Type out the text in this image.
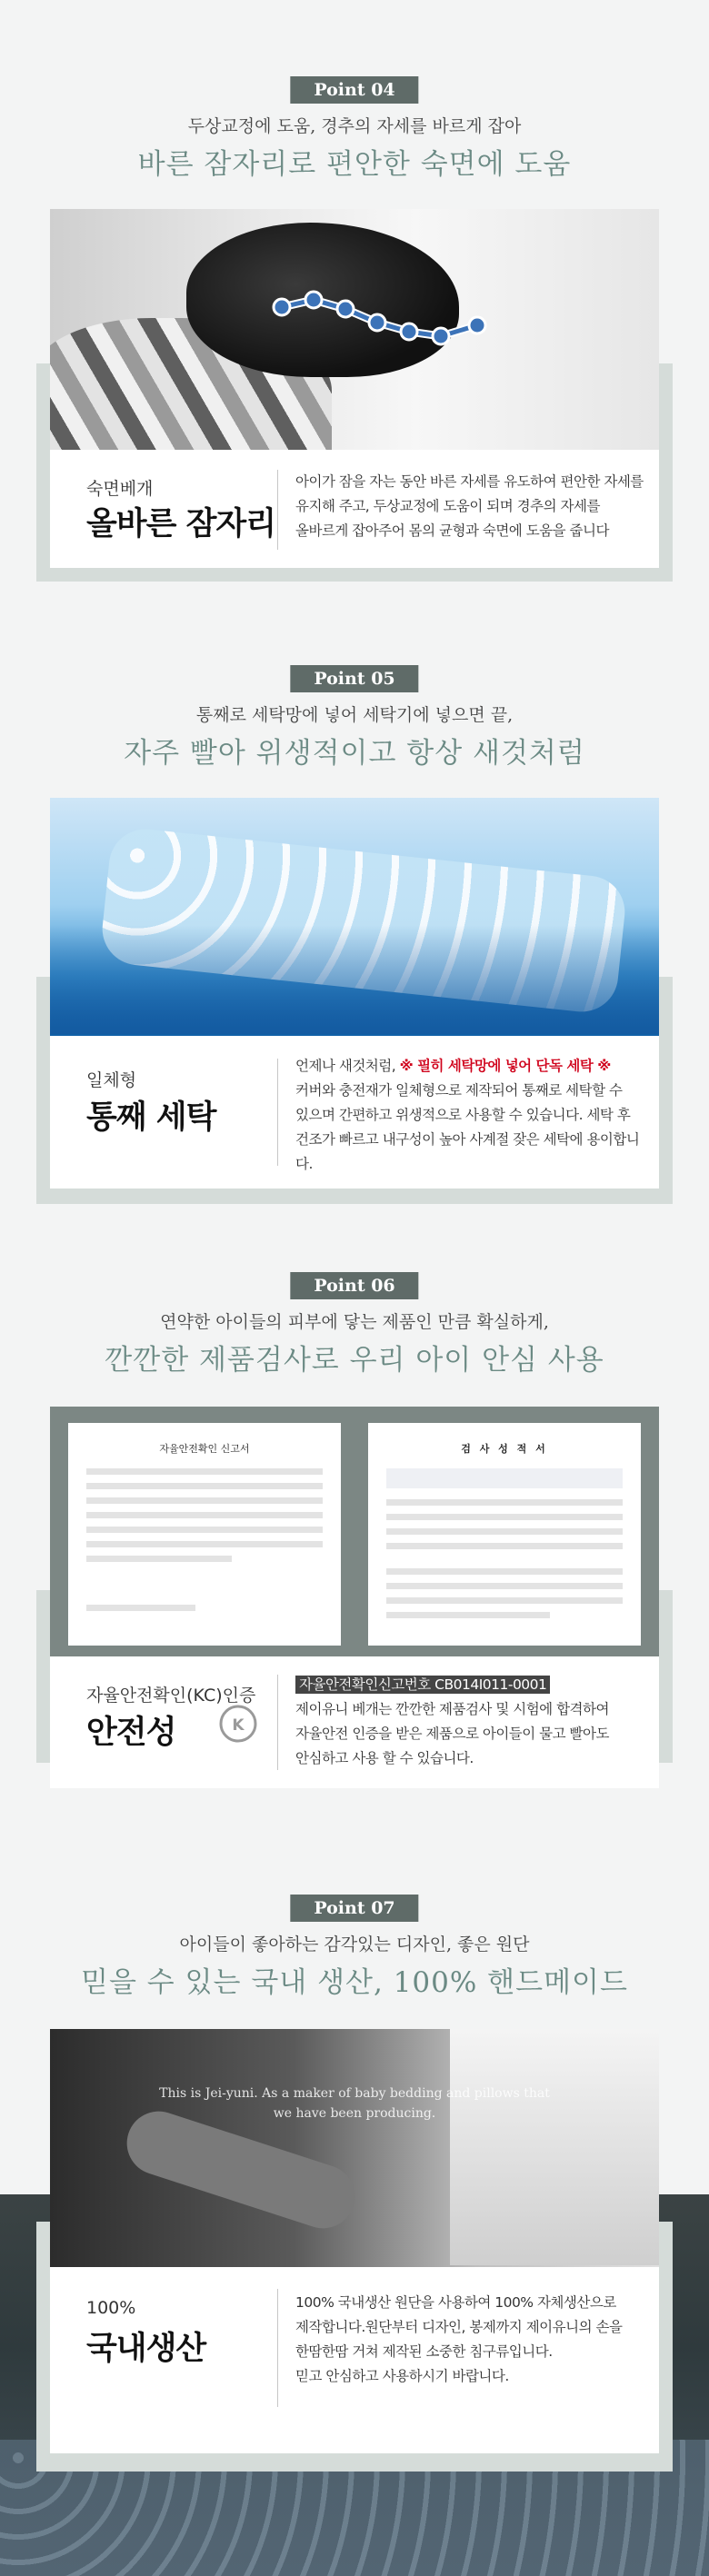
Point 04
두상교정에 도움, 경추의 자세를 바르게 잡아
바른 잠자리로 편안한 숙면에 도움
숙면베개
올바른 잠자리
아이가 잠을 자는 동안 바른 자세를 유도하여 편안한 자세를
유지해 주고, 두상교정에 도움이 되며 경추의 자세를
올바르게 잡아주어 몸의 균형과 숙면에 도움을 줍니다
Point 05
통째로 세탁망에 넣어 세탁기에 넣으면 끝,
자주 빨아 위생적이고 항상 새것처럼
일체형
통째 세탁
언제나 새것처럼, ※ 필히 세탁망에 넣어 단독 세탁 ※
커버와 충전재가 일체형으로 제작되어 통째로 세탁할 수
있으며 간편하고 위생적으로 사용할 수 있습니다. 세탁 후
건조가 빠르고 내구성이 높아 사계절 잦은 세탁에 용이합니다.
Point 06
연약한 아이들의 피부에 닿는 제품인 만큼 확실하게,
깐깐한 제품검사로 우리 아이 안심 사용
자율안전확인 신고서	검 사 성 적 서
자율안전확인(KC)인증
안전성	K
자율안전확인신고번호 CB014I011-0001
제이유니 베개는 깐깐한 제품검사 및 시험에 합격하여
자율안전 인증을 받은 제품으로 아이들이 물고 빨아도
안심하고 사용 할 수 있습니다.
Point 07
아이들이 좋아하는 감각있는 디자인, 좋은 원단
믿을 수 있는 국내 생산, 100% 핸드메이드
This is Jei-yuni. As a maker of baby bedding and pillows that
we have been producing.
100%
국내생산
100% 국내생산 원단을 사용하여 100% 자체생산으로
제작합니다.원단부터 디자인, 봉제까지 제이유니의 손을
한땀한땀 거쳐 제작된 소중한 침구류입니다.
믿고 안심하고 사용하시기 바랍니다.
